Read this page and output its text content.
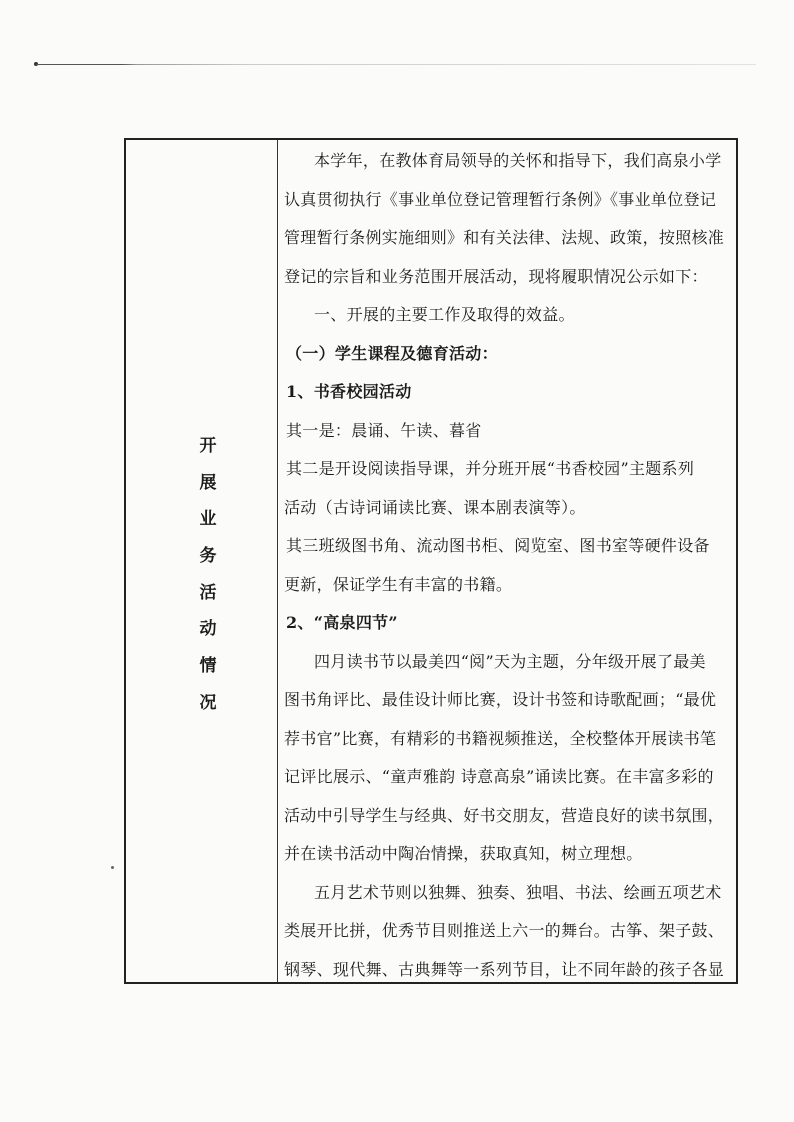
开
展
业
务
活
动
情
况

本学年，在教体育局领导的关怀和指导下，我们高泉小学

认真贯彻执行《事业单位登记管理暂行条例》《事业单位登记

管理暂行条例实施细则》和有关法律、法规、政策，按照核准

登记的宗旨和业务范围开展活动，现将履职情况公示如下：

一、开展的主要工作及取得的效益。

（一）学生课程及德育活动：

1、书香校园活动

其一是：晨诵、午读、暮省

其二是开设阅读指导课，并分班开展“书香校园”主题系列

活动（古诗词诵读比赛、课本剧表演等）。

其三班级图书角、流动图书柜、阅览室、图书室等硬件设备

更新，保证学生有丰富的书籍。

2、“高泉四节”

四月读书节以最美四“阅”天为主题，分年级开展了最美

图书角评比、最佳设计师比赛，设计书签和诗歌配画；“最优

荐书官”比赛，有精彩的书籍视频推送，全校整体开展读书笔

记评比展示、“童声雅韵 诗意高泉”诵读比赛。在丰富多彩的

活动中引导学生与经典、好书交朋友，营造良好的读书氛围，

并在读书活动中陶冶情操，获取真知，树立理想。

五月艺术节则以独舞、独奏、独唱、书法、绘画五项艺术

类展开比拼，优秀节目则推送上六一的舞台。古筝、架子鼓、

钢琴、现代舞、古典舞等一系列节目，让不同年龄的孩子各显
